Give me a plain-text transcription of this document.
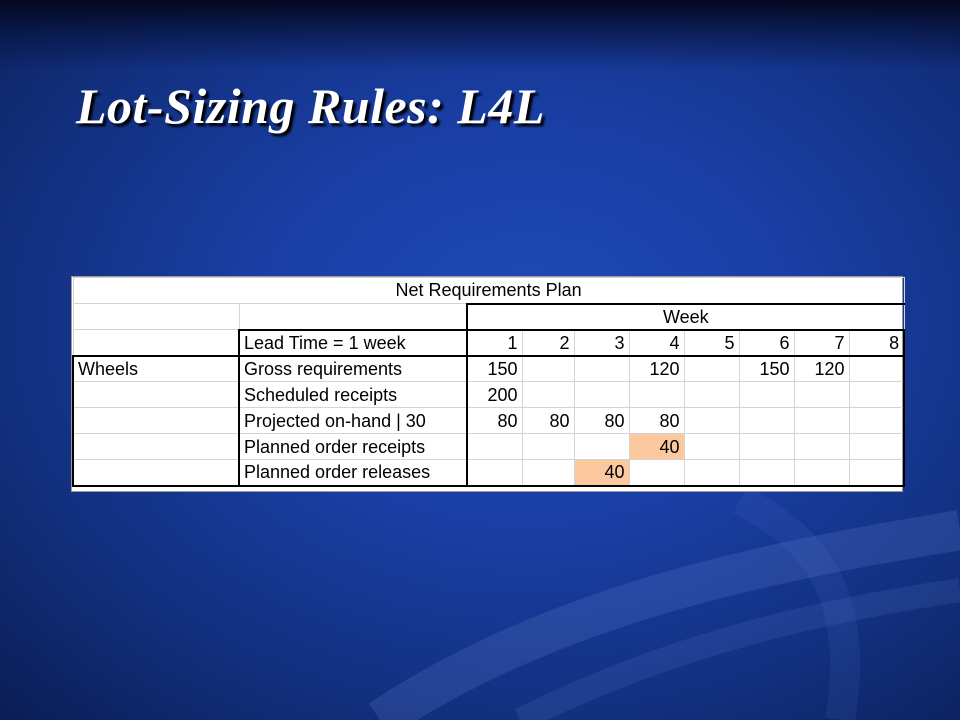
Lot-Sizing Rules: L4L
Net Requirements Plan									
		Week							
	Lead Time = 1 week	1	2	3	4	5	6	7	8
Wheels	Gross requirements	150			120		150	120	
	Scheduled receipts	200							
	Projected on-hand | 30	80	80	80	80				
	Planned order receipts				40				
	Planned order releases			40					
